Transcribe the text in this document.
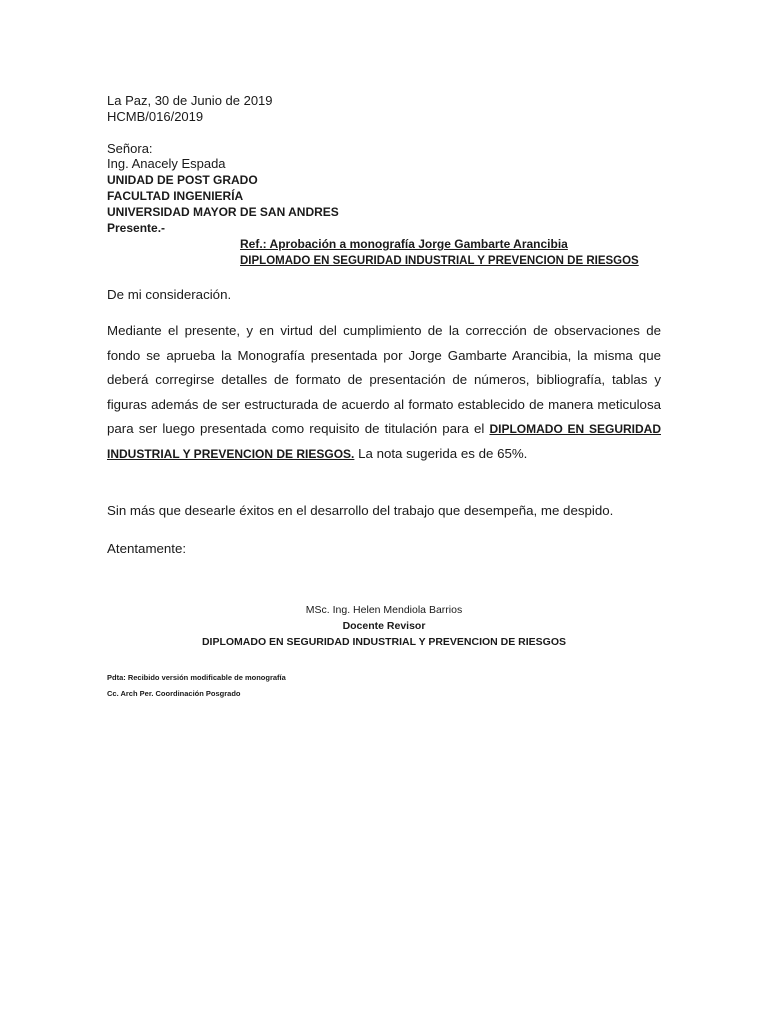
La Paz, 30 de Junio de 2019
HCMB/016/2019
Señora:
Ing. Anacely Espada
UNIDAD DE POST GRADO
FACULTAD INGENIERÍA
UNIVERSIDAD MAYOR DE SAN ANDRES
Presente.-
Ref.: Aprobación a monografía Jorge Gambarte Arancibia
DIPLOMADO EN SEGURIDAD INDUSTRIAL Y PREVENCION DE RIESGOS
De mi consideración.
Mediante el presente, y en virtud del cumplimiento de la corrección de observaciones de fondo se aprueba la Monografía presentada por Jorge Gambarte Arancibia, la misma que deberá corregirse detalles de formato de presentación de números, bibliografía, tablas y figuras además de ser estructurada de acuerdo al formato establecido de manera meticulosa para ser luego presentada como requisito de titulación para el DIPLOMADO EN SEGURIDAD INDUSTRIAL Y PREVENCION DE RIESGOS. La nota sugerida es de 65%.
Sin más que desearle éxitos en el desarrollo del trabajo que desempeña, me despido.
Atentamente:
MSc. Ing. Helen Mendiola Barrios
Docente Revisor
DIPLOMADO EN SEGURIDAD INDUSTRIAL Y PREVENCION DE RIESGOS
Pdta: Recibido versión modificable de monografía
Cc. Arch Per. Coordinación Posgrado
